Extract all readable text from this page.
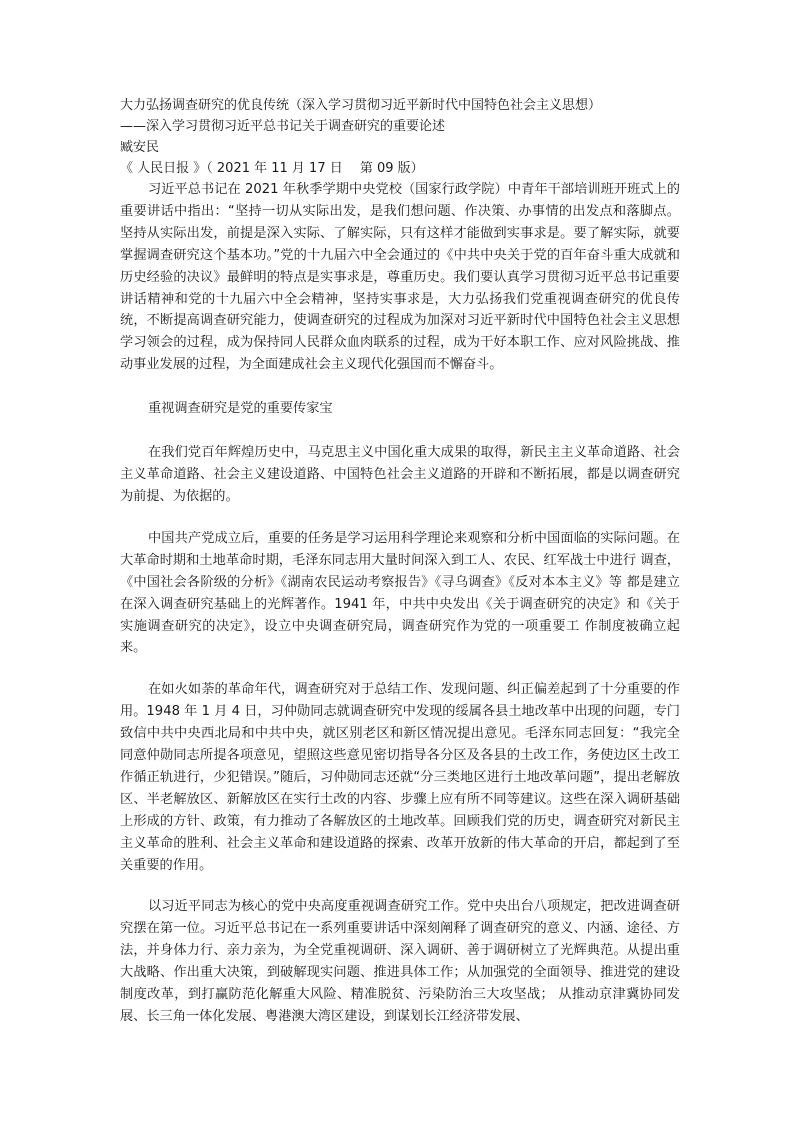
大力弘扬调查研究的优良传统（深入学习贯彻习近平新时代中国特色社会主义思想）

——深入学习贯彻习近平总书记关于调查研究的重要论述

臧安民

《 人民日报 》（ 2021 年 11 月 17 日　 第 09 版）

习近平总书记在 2021 年秋季学期中央党校（国家行政学院）中青年干部培训班开班式上的重要讲话中指出：“坚持一切从实际出发，是我们想问题、作决策、办事情的出发点和落脚点。坚持从实际出发，前提是深入实际、了解实际，只有这样才能做到实事求是。要了解实际，就要掌握调查研究这个基本功。”党的十九届六中全会通过的《中共中央关于党的百年奋斗重大成就和历史经验的决议》最鲜明的特点是实事求是，尊重历史。我们要认真学习贯彻习近平总书记重要讲话精神和党的十九届六中全会精神，坚持实事求是，大力弘扬我们党重视调查研究的优良传统，不断提高调查研究能力，使调查研究的过程成为加深对习近平新时代中国特色社会主义思想学习领会的过程，成为保持同人民群众血肉联系的过程，成为干好本职工作、应对风险挑战、推动事业发展的过程，为全面建成社会主义现代化强国而不懈奋斗。

重视调查研究是党的重要传家宝

在我们党百年辉煌历史中，马克思主义中国化重大成果的取得，新民主主义革命道路、社会主义革命道路、社会主义建设道路、中国特色社会主义道路的开辟和不断拓展，都是以调查研究为前提、为依据的。

中国共产党成立后，重要的任务是学习运用科学理论来观察和分析中国面临的实际问题。在大革命时期和土地革命时期，毛泽东同志用大量时间深入到工人、农民、红军战士中进行 调查，《中国社会各阶级的分析》《湖南农民运动考察报告》《寻乌调查》《反对本本主义》等 都是建立在深入调查研究基础上的光辉著作。1941 年，中共中央发出《关于调查研究的决定》和《关于实施调查研究的决定》，设立中央调查研究局，调查研究作为党的一项重要工 作制度被确立起来。

在如火如荼的革命年代，调查研究对于总结工作、发现问题、纠正偏差起到了十分重要的作用。1948 年 1 月 4 日，习仲勋同志就调查研究中发现的绥属各县土地改革中出现的问题，专门致信中共中央西北局和中共中央，就区别老区和新区情况提出意见。毛泽东同志回复：“我完全同意仲勋同志所提各项意见，望照这些意见密切指导各分区及各县的土改工作，务使边区土改工作循正轨进行，少犯错误。”随后，习仲勋同志还就“分三类地区进行土地改革问题”，提出老解放区、半老解放区、新解放区在实行土改的内容、步骤上应有所不同等建议。这些在深入调研基础上形成的方针、政策，有力推动了各解放区的土地改革。回顾我们党的历史，调查研究对新民主主义革命的胜利、社会主义革命和建设道路的探索、改革开放新的伟大革命的开启，都起到了至关重要的作用。

以习近平同志为核心的党中央高度重视调查研究工作。党中央出台八项规定，把改进调查研究摆在第一位。习近平总书记在一系列重要讲话中深刻阐释了调查研究的意义、内涵、途径、方法，并身体力行、亲力亲为，为全党重视调研、深入调研、善于调研树立了光辉典范。从提出重大战略、作出重大决策，到破解现实问题、推进具体工作；从加强党的全面领导、推进党的建设制度改革，到打赢防范化解重大风险、精准脱贫、污染防治三大攻坚战； 从推动京津冀协同发展、长三角一体化发展、粤港澳大湾区建设，到谋划长江经济带发展、
